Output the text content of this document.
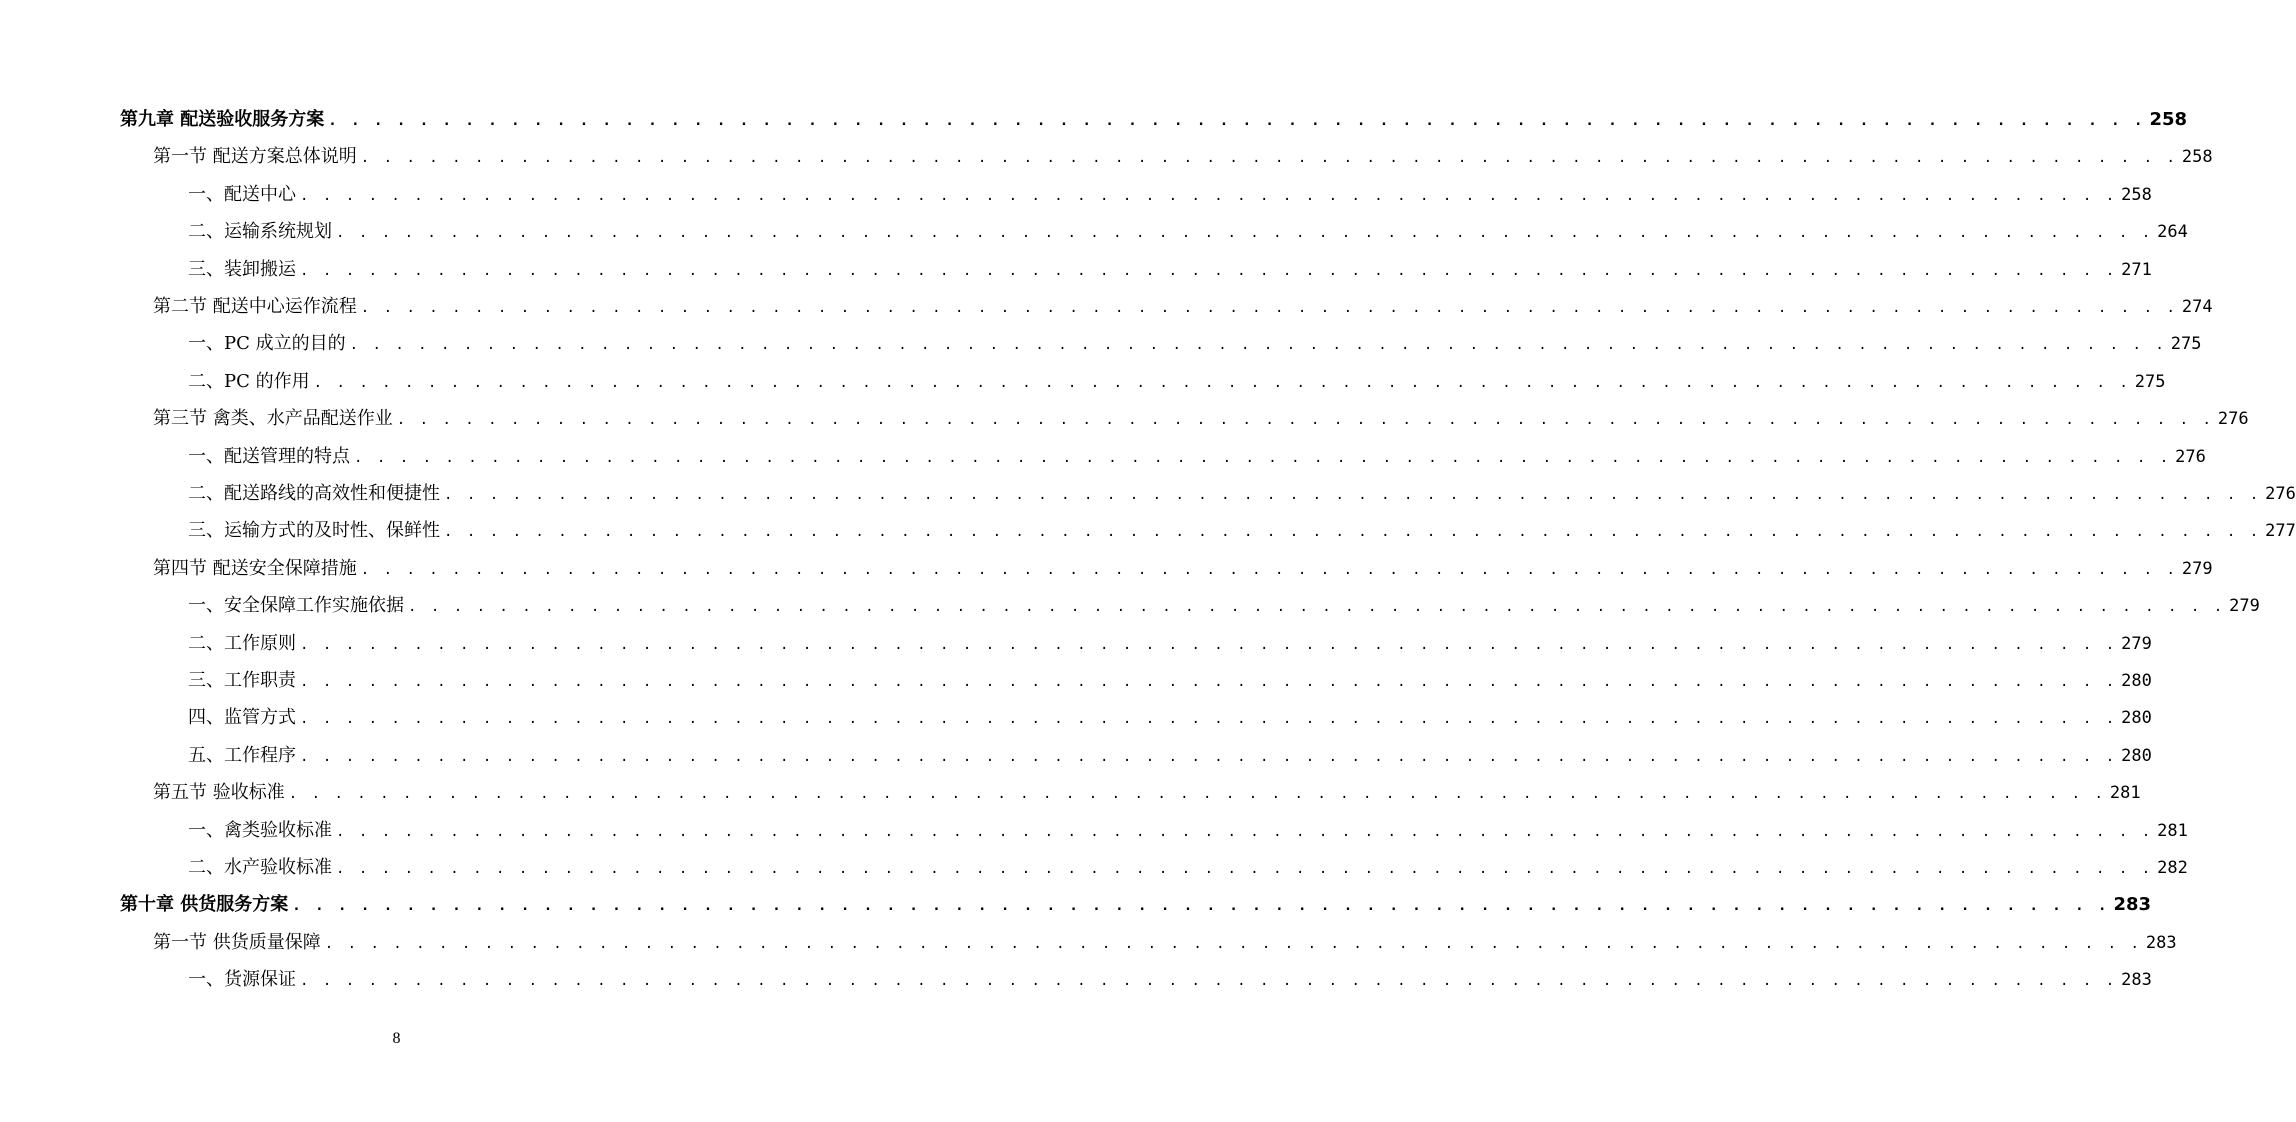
第九章 配送验收服务方案 . . . . . . . . . . . . . . . . . . . . . . . . . . . . . . . . . . . . . . . . . . . . . . . . . . . . . . . . . . . . . . . . . . . . . . . . . . . . . . . . 258
第一节 配送方案总体说明 . . . . . . . . . . . . . . . . . . . . . . . . . . . . . . . . . . . . . . . . . . . . . . . . . . . . . . . . . . . . . . . . . . . . . . . . . . . . . . . . 258
一、配送中心 . . . . . . . . . . . . . . . . . . . . . . . . . . . . . . . . . . . . . . . . . . . . . . . . . . . . . . . . . . . . . . . . . . . . . . . . . . . . . . . . 258
二、运输系统规划 . . . . . . . . . . . . . . . . . . . . . . . . . . . . . . . . . . . . . . . . . . . . . . . . . . . . . . . . . . . . . . . . . . . . . . . . . . . . . . . . 264
三、装卸搬运 . . . . . . . . . . . . . . . . . . . . . . . . . . . . . . . . . . . . . . . . . . . . . . . . . . . . . . . . . . . . . . . . . . . . . . . . . . . . . . . . 271
第二节 配送中心运作流程 . . . . . . . . . . . . . . . . . . . . . . . . . . . . . . . . . . . . . . . . . . . . . . . . . . . . . . . . . . . . . . . . . . . . . . . . . . . . . . . . 274
一、PC 成立的目的 . . . . . . . . . . . . . . . . . . . . . . . . . . . . . . . . . . . . . . . . . . . . . . . . . . . . . . . . . . . . . . . . . . . . . . . . . . . . . . . . 275
二、PC 的作用 . . . . . . . . . . . . . . . . . . . . . . . . . . . . . . . . . . . . . . . . . . . . . . . . . . . . . . . . . . . . . . . . . . . . . . . . . . . . . . . . 275
第三节 禽类、水产品配送作业 . . . . . . . . . . . . . . . . . . . . . . . . . . . . . . . . . . . . . . . . . . . . . . . . . . . . . . . . . . . . . . . . . . . . . . . . . . . . . . . . 276
一、配送管理的特点 . . . . . . . . . . . . . . . . . . . . . . . . . . . . . . . . . . . . . . . . . . . . . . . . . . . . . . . . . . . . . . . . . . . . . . . . . . . . . . . . 276
二、配送路线的高效性和便捷性 . . . . . . . . . . . . . . . . . . . . . . . . . . . . . . . . . . . . . . . . . . . . . . . . . . . . . . . . . . . . . . . . . . . . . . . . . . . . . . . . 276
三、运输方式的及时性、保鲜性 . . . . . . . . . . . . . . . . . . . . . . . . . . . . . . . . . . . . . . . . . . . . . . . . . . . . . . . . . . . . . . . . . . . . . . . . . . . . . . . . 277
第四节 配送安全保障措施 . . . . . . . . . . . . . . . . . . . . . . . . . . . . . . . . . . . . . . . . . . . . . . . . . . . . . . . . . . . . . . . . . . . . . . . . . . . . . . . . 279
一、安全保障工作实施依据 . . . . . . . . . . . . . . . . . . . . . . . . . . . . . . . . . . . . . . . . . . . . . . . . . . . . . . . . . . . . . . . . . . . . . . . . . . . . . . . . 279
二、工作原则 . . . . . . . . . . . . . . . . . . . . . . . . . . . . . . . . . . . . . . . . . . . . . . . . . . . . . . . . . . . . . . . . . . . . . . . . . . . . . . . . 279
三、工作职责 . . . . . . . . . . . . . . . . . . . . . . . . . . . . . . . . . . . . . . . . . . . . . . . . . . . . . . . . . . . . . . . . . . . . . . . . . . . . . . . . 280
四、监管方式 . . . . . . . . . . . . . . . . . . . . . . . . . . . . . . . . . . . . . . . . . . . . . . . . . . . . . . . . . . . . . . . . . . . . . . . . . . . . . . . . 280
五、工作程序 . . . . . . . . . . . . . . . . . . . . . . . . . . . . . . . . . . . . . . . . . . . . . . . . . . . . . . . . . . . . . . . . . . . . . . . . . . . . . . . . 280
第五节 验收标准 . . . . . . . . . . . . . . . . . . . . . . . . . . . . . . . . . . . . . . . . . . . . . . . . . . . . . . . . . . . . . . . . . . . . . . . . . . . . . . . . 281
一、禽类验收标准 . . . . . . . . . . . . . . . . . . . . . . . . . . . . . . . . . . . . . . . . . . . . . . . . . . . . . . . . . . . . . . . . . . . . . . . . . . . . . . . . 281
二、水产验收标准 . . . . . . . . . . . . . . . . . . . . . . . . . . . . . . . . . . . . . . . . . . . . . . . . . . . . . . . . . . . . . . . . . . . . . . . . . . . . . . . . 282
第十章 供货服务方案 . . . . . . . . . . . . . . . . . . . . . . . . . . . . . . . . . . . . . . . . . . . . . . . . . . . . . . . . . . . . . . . . . . . . . . . . . . . . . . . . 283
第一节 供货质量保障 . . . . . . . . . . . . . . . . . . . . . . . . . . . . . . . . . . . . . . . . . . . . . . . . . . . . . . . . . . . . . . . . . . . . . . . . . . . . . . . . 283
一、货源保证 . . . . . . . . . . . . . . . . . . . . . . . . . . . . . . . . . . . . . . . . . . . . . . . . . . . . . . . . . . . . . . . . . . . . . . . . . . . . . . . . 283
8
